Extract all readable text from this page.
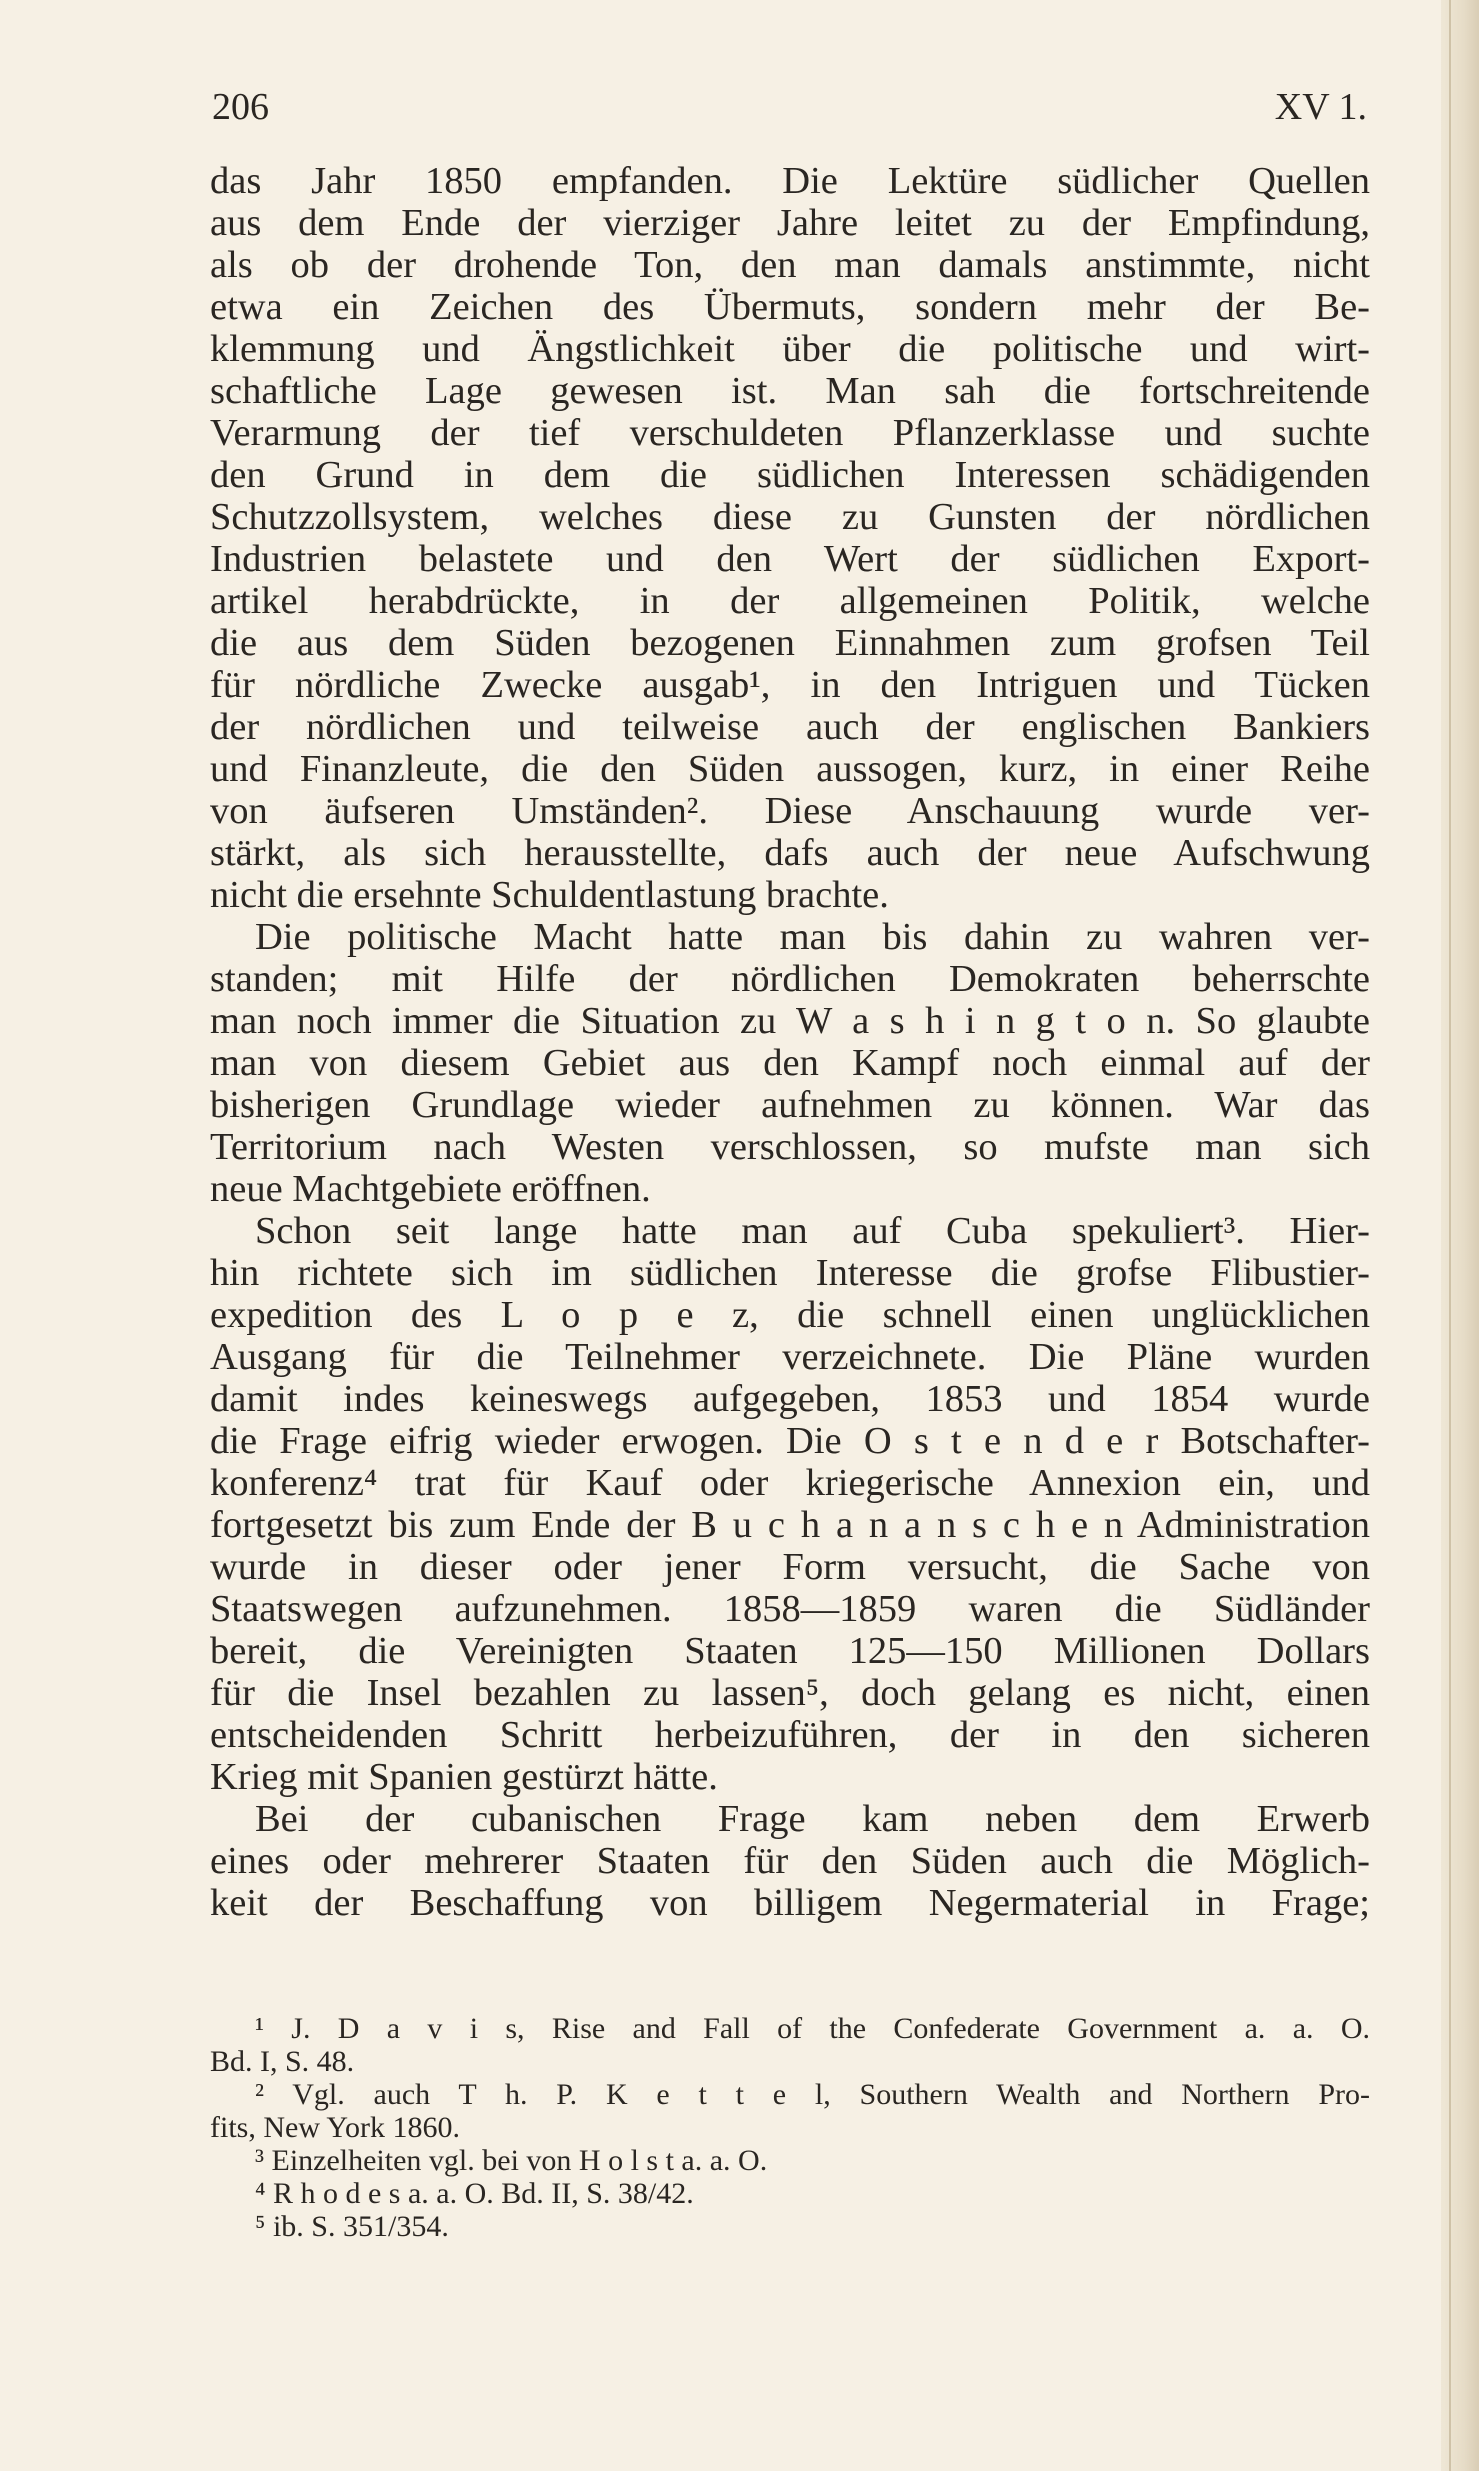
206	XV 1.
das Jahr 1850 empfanden. Die Lektüre südlicher Quellen
aus dem Ende der vierziger Jahre leitet zu der Empfindung,
als ob der drohende Ton, den man damals anstimmte, nicht
etwa ein Zeichen des Übermuts, sondern mehr der Be-
klemmung und Ängstlichkeit über die politische und wirt-
schaftliche Lage gewesen ist. Man sah die fortschreitende
Verarmung der tief verschuldeten Pflanzerklasse und suchte
den Grund in dem die südlichen Interessen schädigenden
Schutzzollsystem, welches diese zu Gunsten der nördlichen
Industrien belastete und den Wert der südlichen Export-
artikel herabdrückte, in der allgemeinen Politik, welche
die aus dem Süden bezogenen Einnahmen zum grofsen Teil
für nördliche Zwecke ausgab¹, in den Intriguen und Tücken
der nördlichen und teilweise auch der englischen Bankiers
und Finanzleute, die den Süden aussogen, kurz, in einer Reihe
von äufseren Umständen². Diese Anschauung wurde ver-
stärkt, als sich herausstellte, dafs auch der neue Aufschwung
nicht die ersehnte Schuldentlastung brachte.
Die politische Macht hatte man bis dahin zu wahren ver-
standen; mit Hilfe der nördlichen Demokraten beherrschte
man noch immer die Situation zu W a s h i n g t o n. So glaubte
man von diesem Gebiet aus den Kampf noch einmal auf der
bisherigen Grundlage wieder aufnehmen zu können. War das
Territorium nach Westen verschlossen, so mufste man sich
neue Machtgebiete eröffnen.
Schon seit lange hatte man auf Cuba spekuliert³. Hier-
hin richtete sich im südlichen Interesse die grofse Flibustier-
expedition des L o p e z, die schnell einen unglücklichen
Ausgang für die Teilnehmer verzeichnete. Die Pläne wurden
damit indes keineswegs aufgegeben, 1853 und 1854 wurde
die Frage eifrig wieder erwogen. Die O s t e n d e r Botschafter-
konferenz⁴ trat für Kauf oder kriegerische Annexion ein, und
fortgesetzt bis zum Ende der B u c h a n a n s c h e n Administration
wurde in dieser oder jener Form versucht, die Sache von
Staatswegen aufzunehmen. 1858—1859 waren die Südländer
bereit, die Vereinigten Staaten 125—150 Millionen Dollars
für die Insel bezahlen zu lassen⁵, doch gelang es nicht, einen
entscheidenden Schritt herbeizuführen, der in den sicheren
Krieg mit Spanien gestürzt hätte.
Bei der cubanischen Frage kam neben dem Erwerb
eines oder mehrerer Staaten für den Süden auch die Möglich-
keit der Beschaffung von billigem Negermaterial in Frage;
¹ J. D a v i s, Rise and Fall of the Confederate Government a. a. O.
Bd. I, S. 48.
² Vgl. auch T h. P. K e t t e l, Southern Wealth and Northern Pro-
fits, New York 1860.
³ Einzelheiten vgl. bei von H o l s t a. a. O.
⁴ R h o d e s a. a. O. Bd. II, S. 38/42.
⁵ ib. S. 351/354.
